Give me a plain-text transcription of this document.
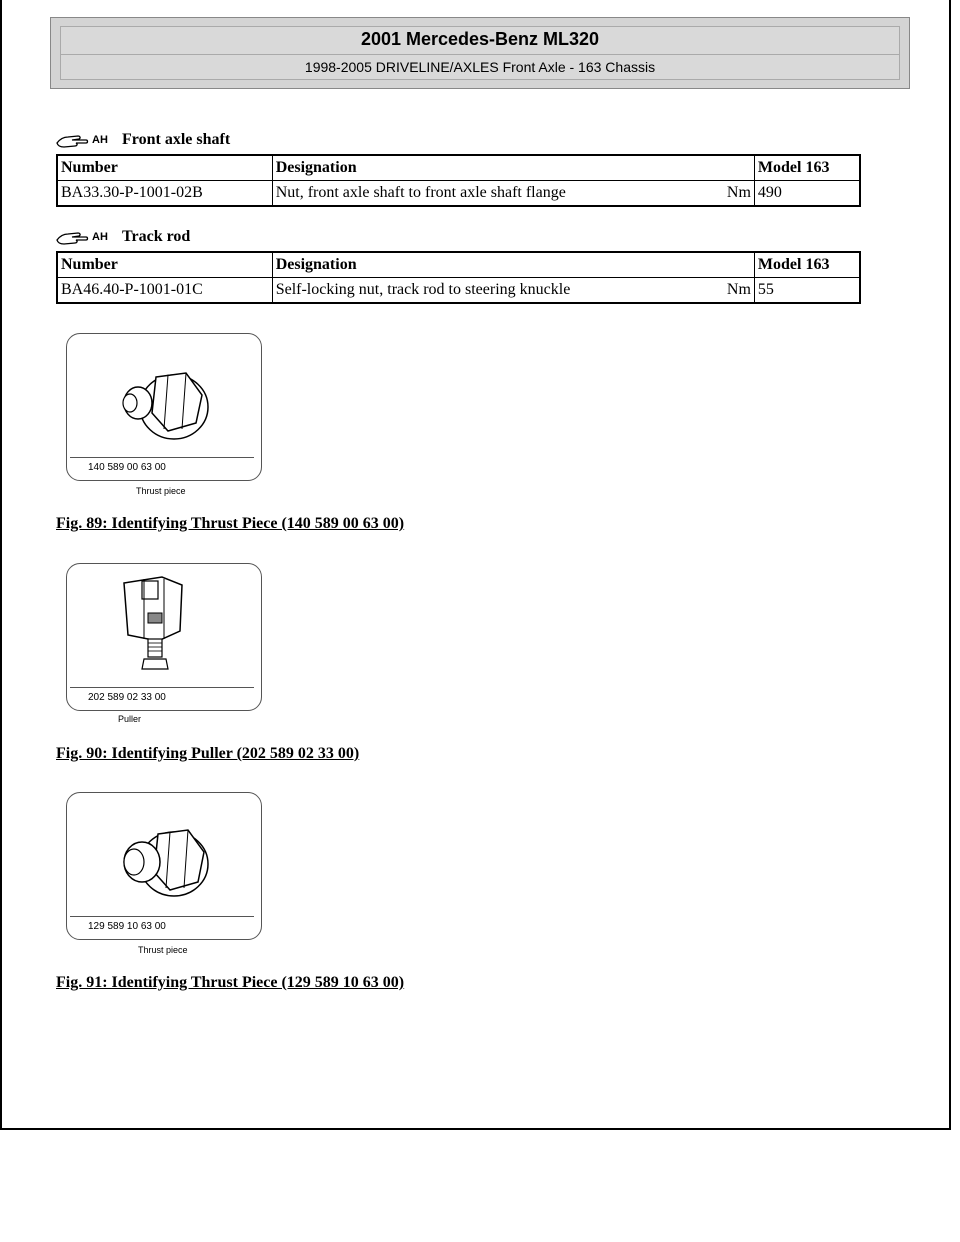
2001 Mercedes-Benz ML320
1998-2005 DRIVELINE/AXLES Front Axle - 163 Chassis
AH Front axle shaft
Number	Designation	Model 163
BA33.30-P-1001-02B	Nut, front axle shaft to front axle shaft flange Nm	490
AH Track rod
Number	Designation	Model 163
BA46.40-P-1001-01C	Self-locking nut, track rod to steering knuckle Nm	55
140 589 00 63 00
Thrust piece
Fig. 89: Identifying Thrust Piece (140 589 00 63 00)
202 589 02 33 00
Puller
Fig. 90: Identifying Puller (202 589 02 33 00)
129 589 10 63 00
Thrust piece
Fig. 91: Identifying Thrust Piece (129 589 10 63 00)
